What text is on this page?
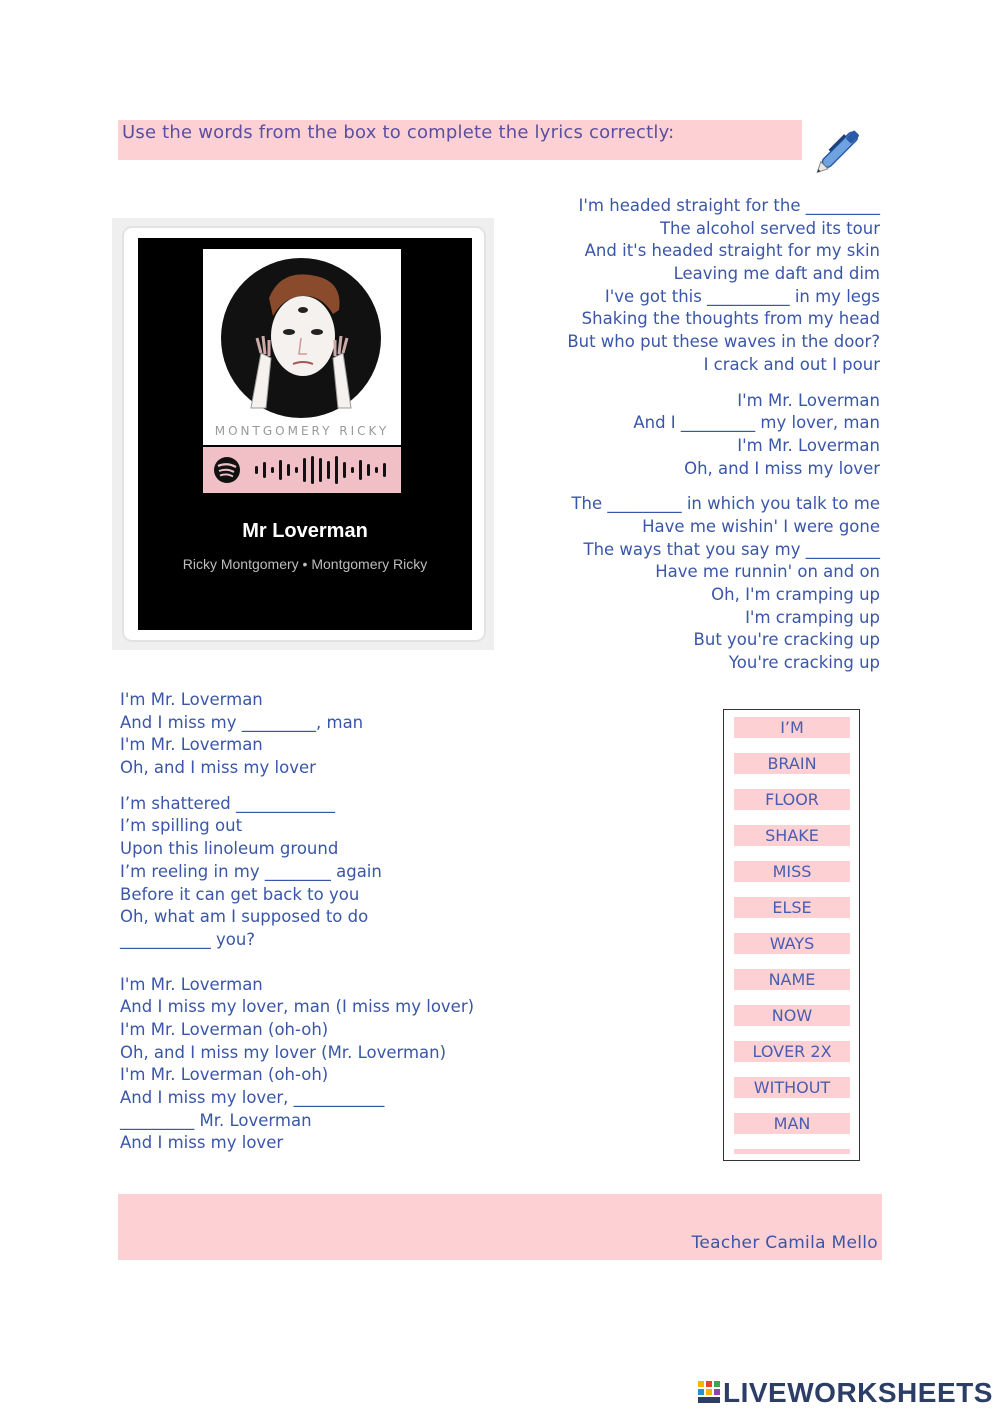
Use the words from the box to complete the lyrics correctly:
MONTGOMERY RICKY
Mr Loverman
Ricky Montgomery • Montgomery Ricky
I'm headed straight for the _________
The alcohol served its tour
And it's headed straight for my skin
Leaving me daft and dim
I've got this __________ in my legs
Shaking the thoughts from my head
But who put these waves in the door?
I crack and out I pour
I'm Mr. Loverman
And I _________ my lover, man
I'm Mr. Loverman
Oh, and I miss my lover
The _________ in which you talk to me
Have me wishin' I were gone
The ways that you say my _________
Have me runnin' on and on
Oh, I'm cramping up
I'm cramping up
But you're cracking up
You're cracking up
I'm Mr. Loverman
And I miss my _________, man
I'm Mr. Loverman
Oh, and I miss my lover
I’m shattered ____________
I’m spilling out
Upon this linoleum ground
I’m reeling in my ________ again
Before it can get back to you
Oh, what am I supposed to do
___________ you?
I'm Mr. Loverman
And I miss my lover, man (I miss my lover)
I'm Mr. Loverman (oh-oh)
Oh, and I miss my lover (Mr. Loverman)
I'm Mr. Loverman (oh-oh)
And I miss my lover, ___________
_________ Mr. Loverman
And I miss my lover
I’M
BRAIN
FLOOR
SHAKE
MISS
ELSE
WAYS
NAME
NOW
LOVER 2X
WITHOUT
MAN
Teacher Camila Mello
LIVEWORKSHEETS
